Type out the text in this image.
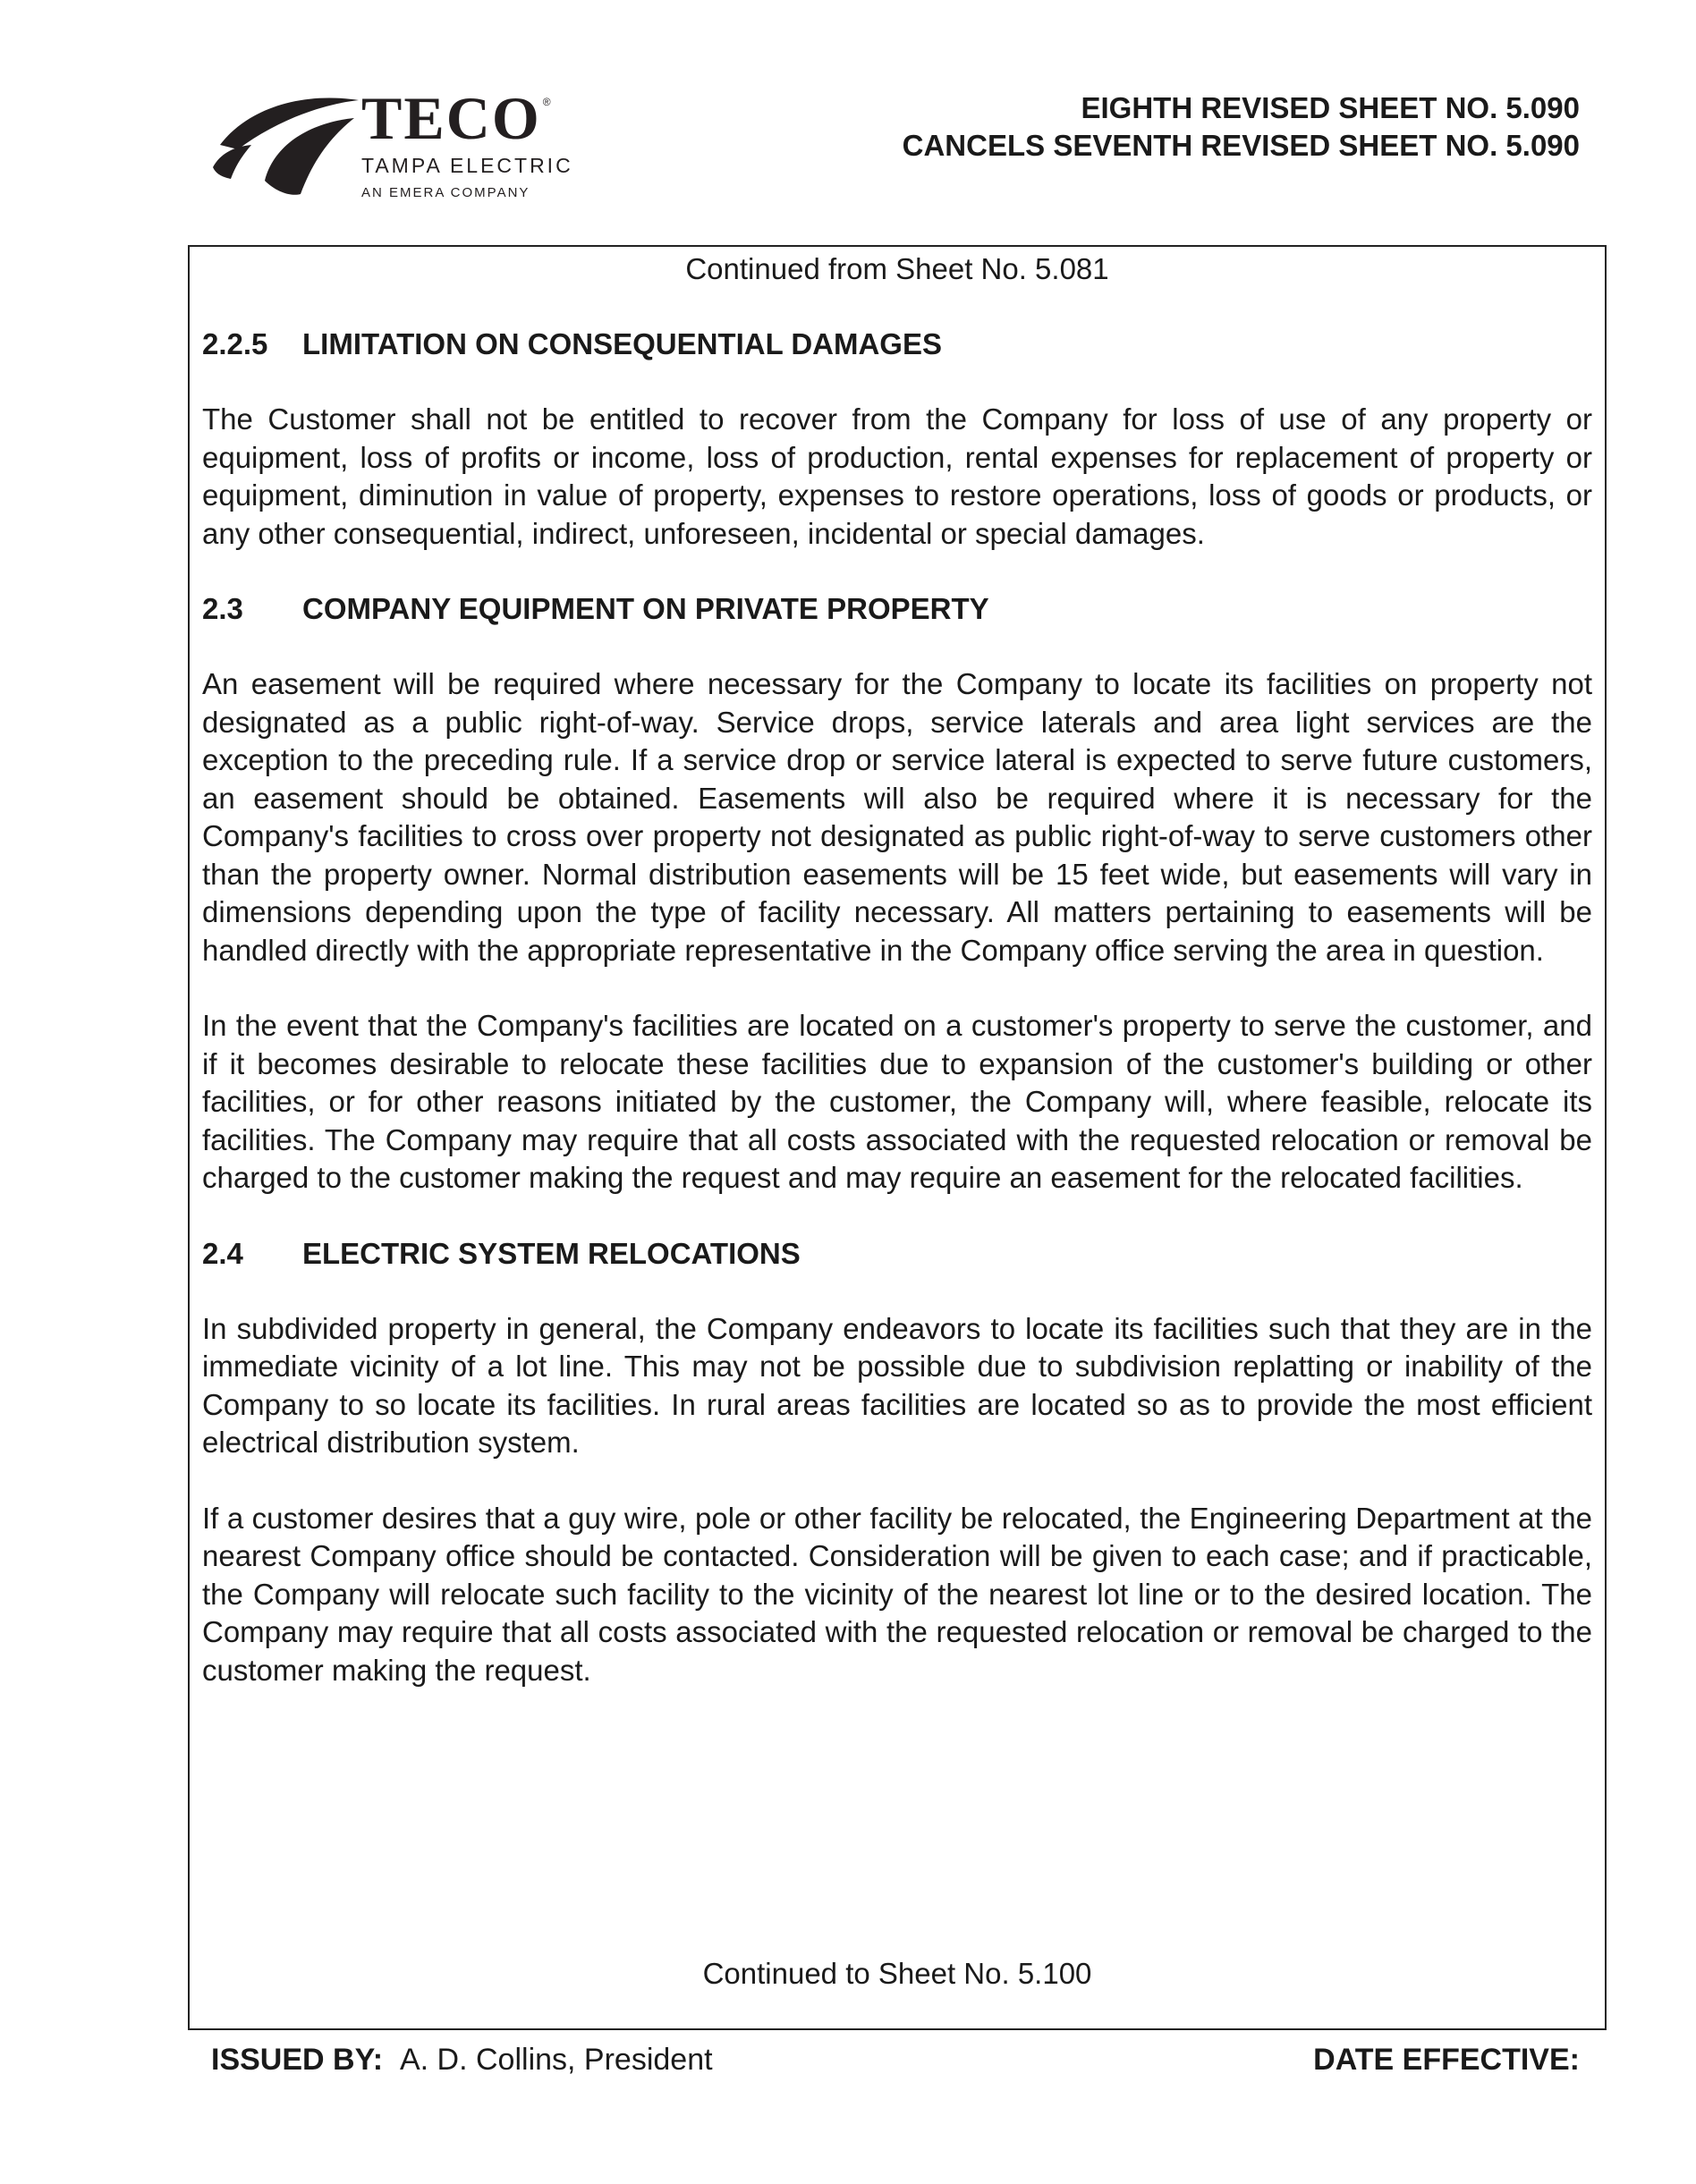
TECO ®
TAMPA ELECTRIC
AN EMERA COMPANY
EIGHTH REVISED SHEET NO. 5.090
CANCELS SEVENTH REVISED SHEET NO. 5.090
Continued from Sheet No. 5.081
2.2.5	LIMITATION ON CONSEQUENTIAL DAMAGES

The Customer shall not be entitled to recover from the Company for loss of use of any property or equipment, loss of profits or income, loss of production, rental expenses for replacement of property or equipment, diminution in value of property, expenses to restore operations, loss of goods or products, or any other consequential, indirect, unforeseen, incidental or special damages.

2.3	COMPANY EQUIPMENT ON PRIVATE PROPERTY

An easement will be required where necessary for the Company to locate its facilities on property not designated as a public right-of-way. Service drops, service laterals and area light services are the exception to the preceding rule. If a service drop or service lateral is expected to serve future customers, an easement should be obtained. Easements will also be required where it is necessary for the Company's facilities to cross over property not designated as public right-of-way to serve customers other than the property owner. Normal distribution easements will be 15 feet wide, but easements will vary in dimensions depending upon the type of facility necessary. All matters pertaining to easements will be handled directly with the appropriate representative in the Company office serving the area in question.

In the event that the Company's facilities are located on a customer's property to serve the customer, and if it becomes desirable to relocate these facilities due to expansion of the customer's building or other facilities, or for other reasons initiated by the customer, the Company will, where feasible, relocate its facilities. The Company may require that all costs associated with the requested relocation or removal be charged to the customer making the request and may require an easement for the relocated facilities.

2.4	ELECTRIC SYSTEM RELOCATIONS

In subdivided property in general, the Company endeavors to locate its facilities such that they are in the immediate vicinity of a lot line. This may not be possible due to subdivision replatting or inability of the Company to so locate its facilities. In rural areas facilities are located so as to provide the most efficient electrical distribution system.

If a customer desires that a guy wire, pole or other facility be relocated, the Engineering Department at the nearest Company office should be contacted. Consideration will be given to each case; and if practicable, the Company will relocate such facility to the vicinity of the nearest lot line or to the desired location. The Company may require that all costs associated with the requested relocation or removal be charged to the customer making the request.

Continued to Sheet No. 5.100
ISSUED BY: A. D. Collins, President	DATE EFFECTIVE:
